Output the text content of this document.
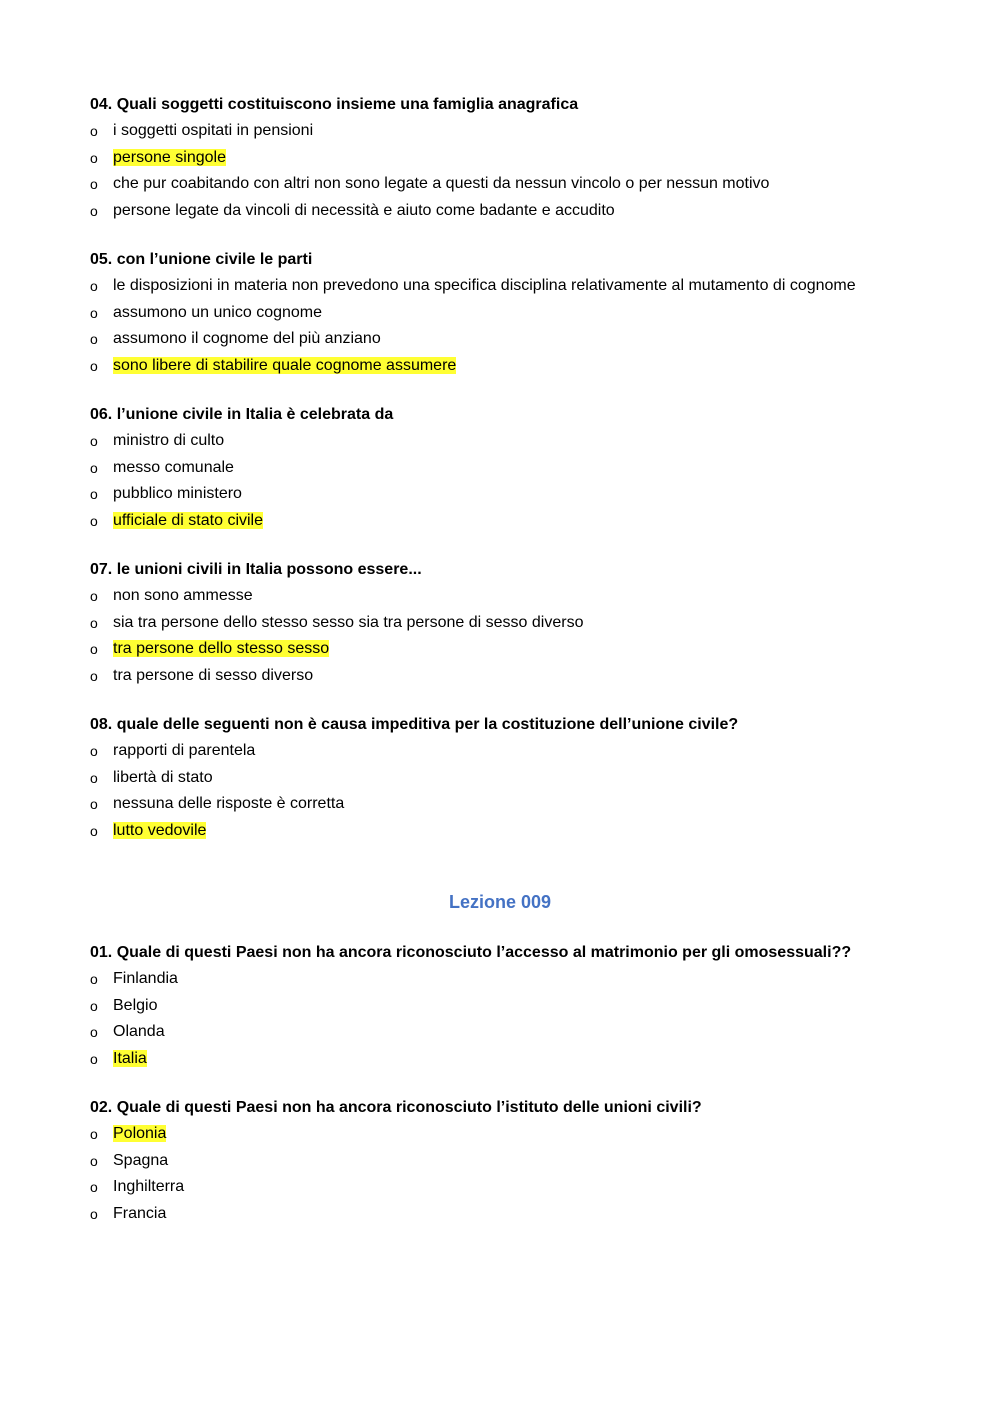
04. Quali soggetti costituiscono insieme una famiglia anagrafica
o i soggetti ospitati in pensioni
o persone singole
o che pur coabitando con altri non sono legate a questi da nessun vincolo o per nessun motivo
o persone legate da vincoli di necessità e aiuto come badante e accudito
05. con l’unione civile le parti
o le disposizioni in materia non prevedono una specifica disciplina relativamente al mutamento di cognome
o assumono un unico cognome
o assumono il cognome del più anziano
o sono libere di stabilire quale cognome assumere
06. l’unione civile in Italia è celebrata da
o ministro di culto
o messo comunale
o pubblico ministero
o ufficiale di stato civile
07. le unioni civili in Italia possono essere...
o non sono ammesse
o sia tra persone dello stesso sesso sia tra persone di sesso diverso
o tra persone dello stesso sesso
o tra persone di sesso diverso
08. quale delle seguenti non è causa impeditiva per la costituzione dell’unione civile?
o rapporti di parentela
o libertà di stato
o nessuna delle risposte è corretta
o lutto vedovile
Lezione 009
01. Quale di questi Paesi non ha ancora riconosciuto l’accesso al matrimonio per gli omosessuali??
o Finlandia
o Belgio
o Olanda
o Italia
02. Quale di questi Paesi non ha ancora riconosciuto l’istituto delle unioni civili?
o Polonia
o Spagna
o Inghilterra
o Francia
